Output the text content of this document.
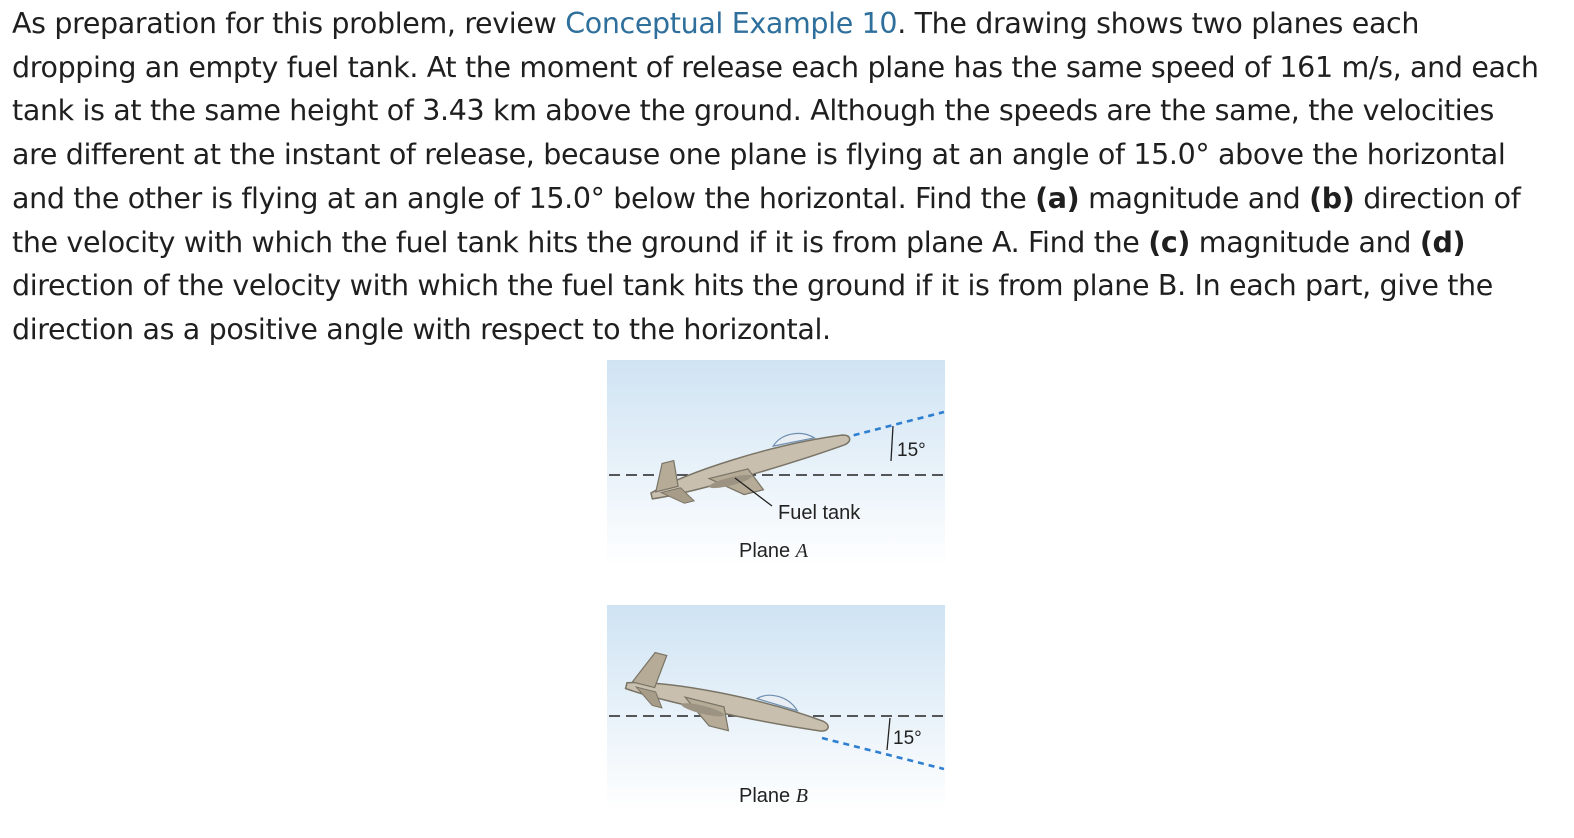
As preparation for this problem, review Conceptual Example 10. The drawing shows two planes each dropping an empty fuel tank. At the moment of release each plane has the same speed of 161 m/s, and each tank is at the same height of 3.43 km above the ground. Although the speeds are the same, the velocities are different at the instant of release, because one plane is flying at an angle of 15.0° above the horizontal and the other is flying at an angle of 15.0° below the horizontal. Find the (a) magnitude and (b) direction of the velocity with which the fuel tank hits the ground if it is from plane A. Find the (c) magnitude and (d) direction of the velocity with which the fuel tank hits the ground if it is from plane B. In each part, give the direction as a positive angle with respect to the horizontal.

15°
Fuel tank
Plane A
15°
Plane B
